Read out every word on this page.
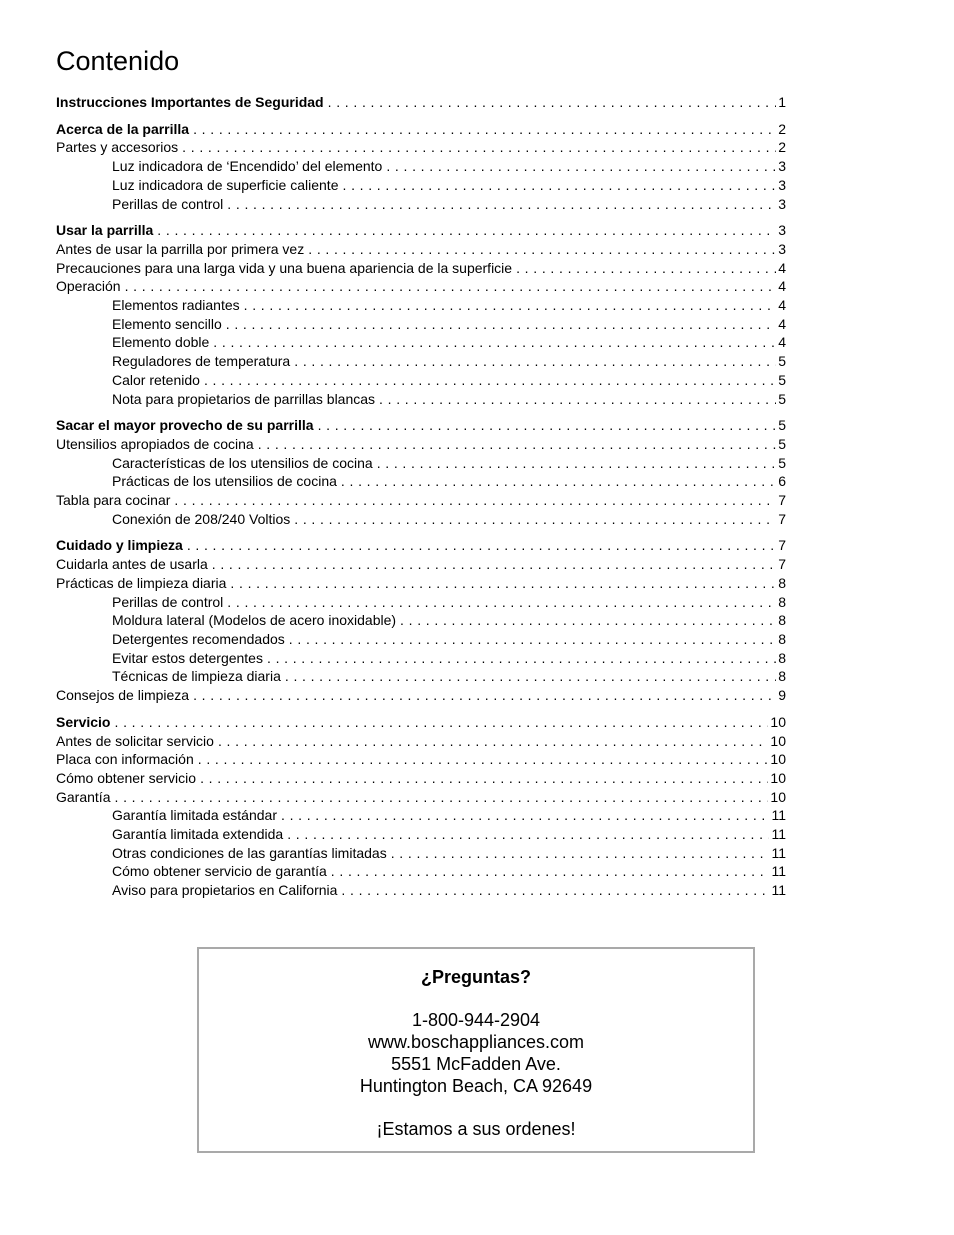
Contenido
Instrucciones Importantes de Seguridad . . .	1
Acerca de la parrilla . . .	2
Partes y accesorios . . .	2
Luz indicadora de ‘Encendido’ del elemento . . .	3
Luz indicadora de superficie caliente . . .	3
Perillas de control . . .	3
Usar la parrilla . . .	3
Antes de usar la parrilla por primera vez . . .	3
Precauciones para una larga vida y una buena apariencia de la superficie . . .	4
Operación . . .	4
Elementos radiantes . . .	4
Elemento sencillo . . .	4
Elemento doble . . .	4
Reguladores de temperatura . . .	5
Calor retenido . . .	5
Nota para propietarios de parrillas blancas . . .	5
Sacar el mayor provecho de su parrilla . . .	5
Utensilios apropiados de cocina . . .	5
Características de los utensilios de cocina . . .	5
Prácticas de los utensilios de cocina . . .	6
Tabla para cocinar . . .	7
Conexión de 208/240 Voltios . . .	7
Cuidado y limpieza . . .	7
Cuidarla antes de usarla . . .	7
Prácticas de limpieza diaria . . .	8
Perillas de control . . .	8
Moldura lateral (Modelos de acero inoxidable) . . .	8
Detergentes recomendados . . .	8
Evitar estos detergentes . . .	8
Técnicas de limpieza diaria . . .	8
Consejos de limpieza . . .	9
Servicio . . .	10
Antes de solicitar servicio . . .	10
Placa con información . . .	10
Cómo obtener servicio . . .	10
Garantía . . .	10
Garantía limitada estándar . . .	11
Garantía limitada extendida . . .	11
Otras condiciones de las garantías limitadas . . .	11
Cómo obtener servicio de garantía . . .	11
Aviso para propietarios en California . . .	11
¿Preguntas?
1-800-944-2904
www.boschappliances.com
5551 McFadden Ave.
Huntington Beach, CA 92649
¡Estamos a sus ordenes!
